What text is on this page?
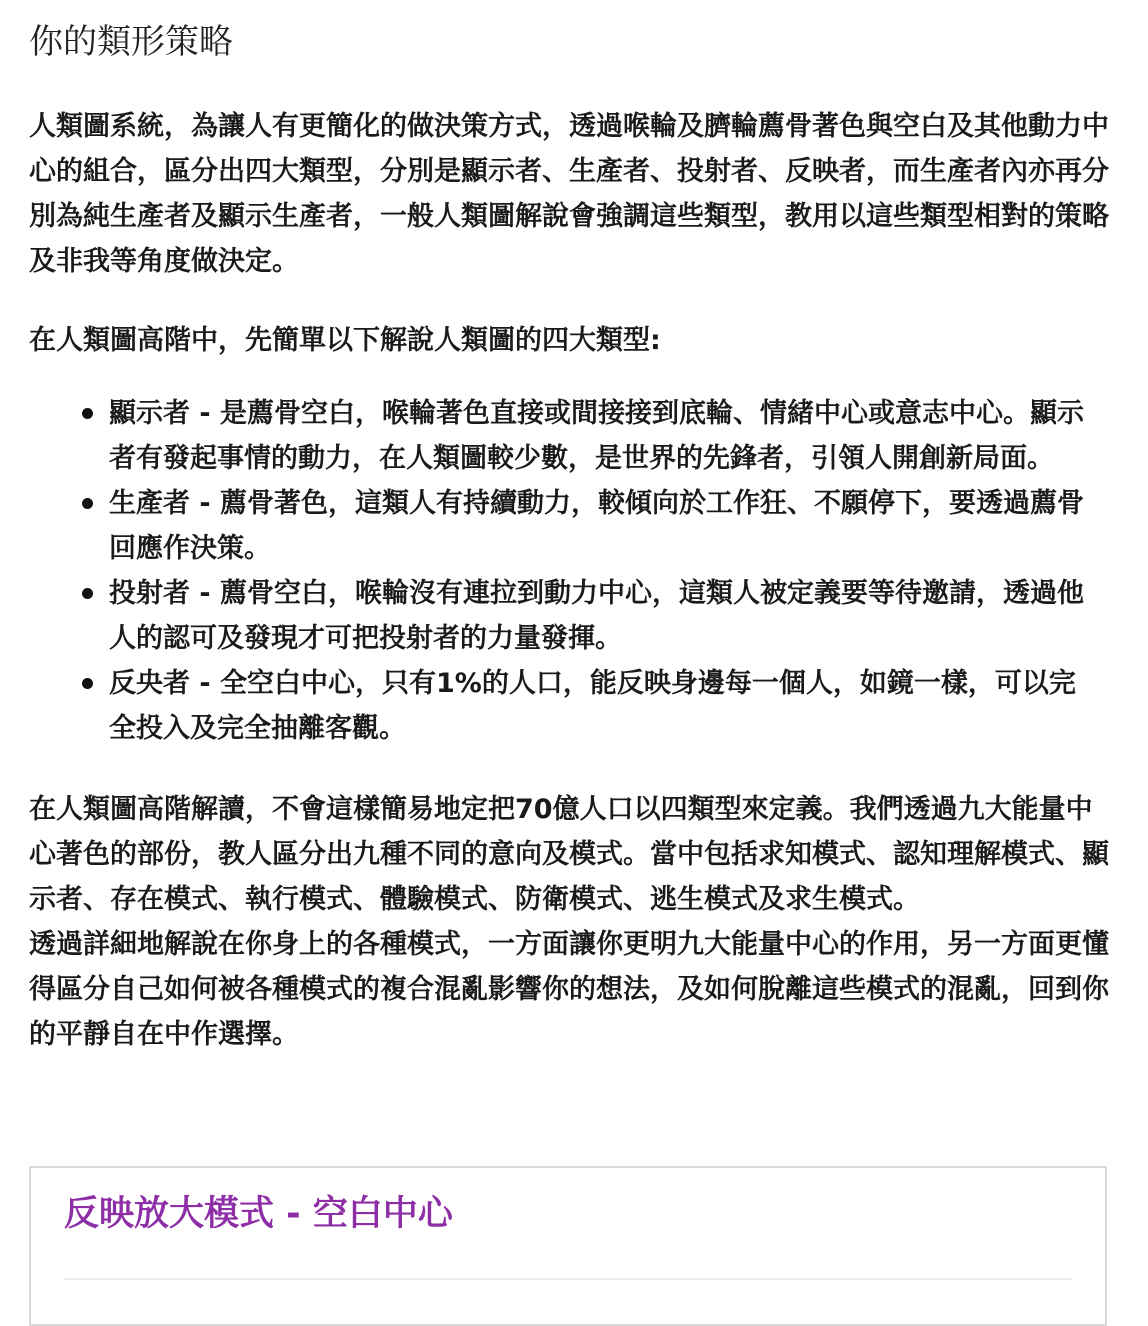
你的類形策略

人類圖系統，為讓人有更簡化的做決策方式，透過喉輪及臍輪薦骨著色與空白及其他動力中心的組合，區分出四大類型，分別是顯示者、生產者、投射者、反映者，而生產者內亦再分別為純生產者及顯示生產者，一般人類圖解說會強調這些類型，教用以這些類型相對的策略及非我等角度做決定。

在人類圖高階中，先簡單以下解說人類圖的四大類型:

顯示者 - 是薦骨空白，喉輪著色直接或間接接到底輪、情緒中心或意志中心。顯示者有發起事情的動力，在人類圖較少數，是世界的先鋒者，引領人開創新局面。
生產者 - 薦骨著色，這類人有持續動力，較傾向於工作狂、不願停下，要透過薦骨回應作決策。
投射者 - 薦骨空白，喉輪沒有連拉到動力中心，這類人被定義要等待邀請，透過他人的認可及發現才可把投射者的力量發揮。
反央者 - 全空白中心，只有1%的人口，能反映身邊每一個人，如鏡一樣，可以完全投入及完全抽離客觀。

在人類圖高階解讀，不會這樣簡易地定把70億人口以四類型來定義。我們透過九大能量中心著色的部份，教人區分出九種不同的意向及模式。當中包括求知模式、認知理解模式、顯示者、存在模式、執行模式、體驗模式、防衛模式、逃生模式及求生模式。

透過詳細地解說在你身上的各種模式，一方面讓你更明九大能量中心的作用，另一方面更懂得區分自己如何被各種模式的複合混亂影響你的想法，及如何脫離這些模式的混亂，回到你的平靜自在中作選擇。

反映放大模式 - 空白中心
